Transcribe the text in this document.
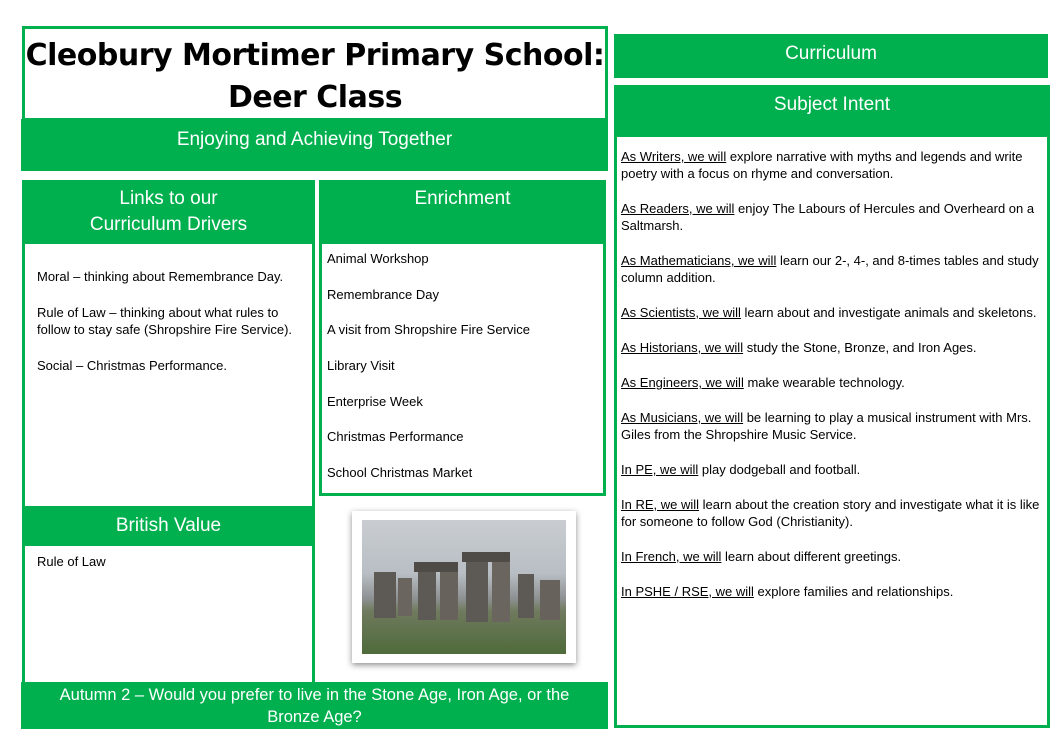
Cleobury Mortimer Primary School:
Deer Class
Enjoying and Achieving Together
Links to our
Curriculum Drivers
Moral – thinking about Remembrance Day.
Rule of Law – thinking about what rules to follow to stay safe (Shropshire Fire Service).
Social – Christmas Performance.
Enrichment
Animal Workshop
Remembrance Day
A visit from Shropshire Fire Service
Library Visit
Enterprise Week
Christmas Performance
School Christmas Market
British Value
Rule of Law
Autumn 2 – Would you prefer to live in the Stone Age, Iron Age, or the Bronze Age?
Curriculum
Subject Intent

As Writers, we will explore narrative with myths and legends and write poetry with a focus on rhyme and conversation.

As Readers, we will enjoy The Labours of Hercules and Overheard on a Saltmarsh.

As Mathematicians, we will learn our 2-, 4-, and 8-times tables and study column addition.

As Scientists, we will learn about and investigate animals and skeletons.

As Historians, we will study the Stone, Bronze, and Iron Ages.

As Engineers, we will make wearable technology.

As Musicians, we will be learning to play a musical instrument with Mrs. Giles from the Shropshire Music Service.

In PE, we will play dodgeball and football.

In RE, we will learn about the creation story and investigate what it is like for someone to follow God (Christianity).

In French, we will learn about different greetings.

In PSHE / RSE, we will explore families and relationships.
